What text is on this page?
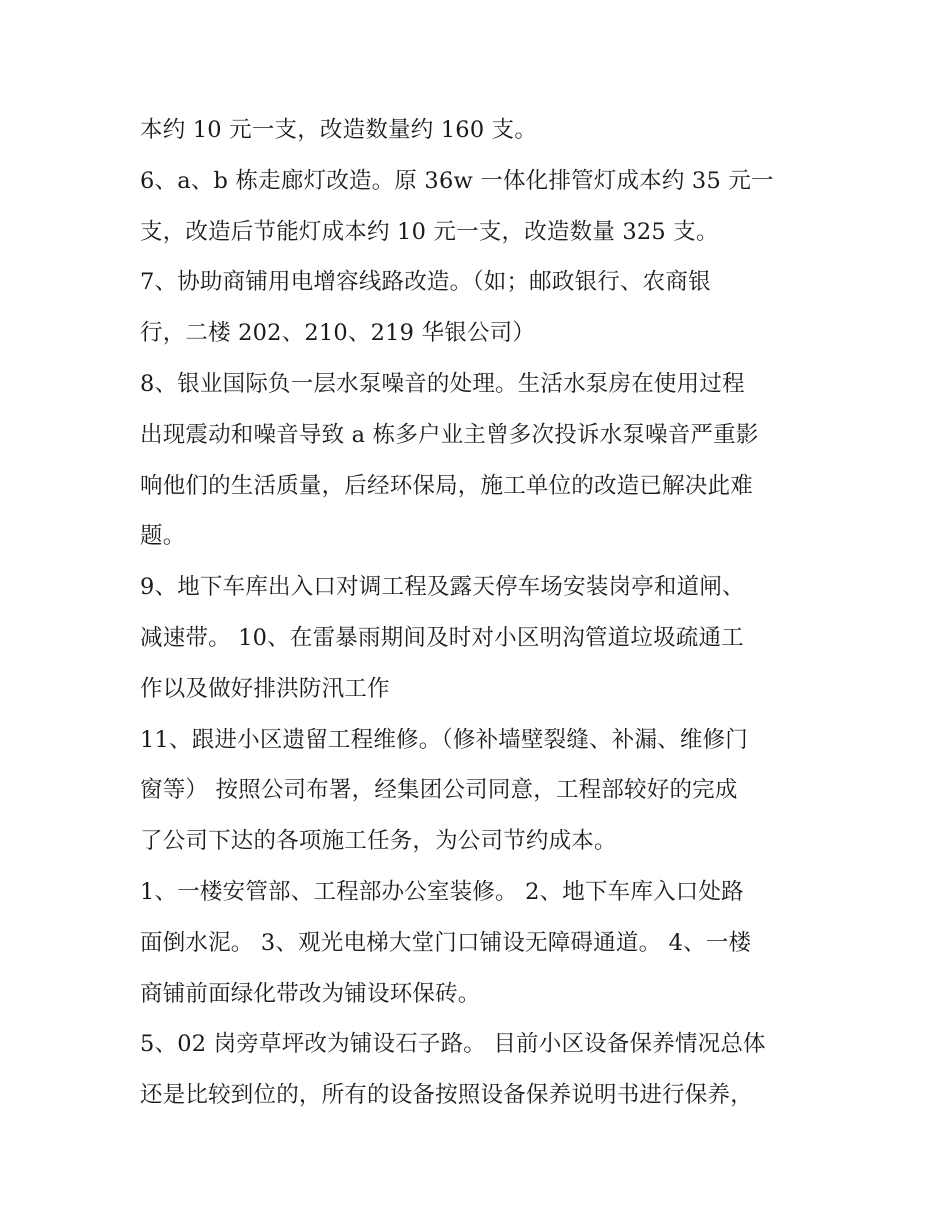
本约 10 元一支，改造数量约 160 支。
6、a、b 栋走廊灯改造。原 36w 一体化排管灯成本约 35 元一
支，改造后节能灯成本约 10 元一支，改造数量 325 支。
7、协助商铺用电增容线路改造。（如；邮政银行、农商银
行，二楼 202、210、219 华银公司）
8、银业国际负一层水泵噪音的处理。生活水泵房在使用过程
出现震动和噪音导致 a 栋多户业主曾多次投诉水泵噪音严重影
响他们的生活质量，后经环保局，施工单位的改造已解决此难
题。
9、地下车库出入口对调工程及露天停车场安装岗亭和道闸、
减速带。 10、在雷暴雨期间及时对小区明沟管道垃圾疏通工
作以及做好排洪防汛工作
11、跟进小区遗留工程维修。（修补墙壁裂缝、补漏、维修门
窗等） 按照公司布署，经集团公司同意，工程部较好的完成
了公司下达的各项施工任务，为公司节约成本。
1、一楼安管部、工程部办公室装修。 2、地下车库入口处路
面倒水泥。 3、观光电梯大堂门口铺设无障碍通道。 4、一楼
商铺前面绿化带改为铺设环保砖。
5、02 岗旁草坪改为铺设石子路。 目前小区设备保养情况总体
还是比较到位的，所有的设备按照设备保养说明书进行保养，
